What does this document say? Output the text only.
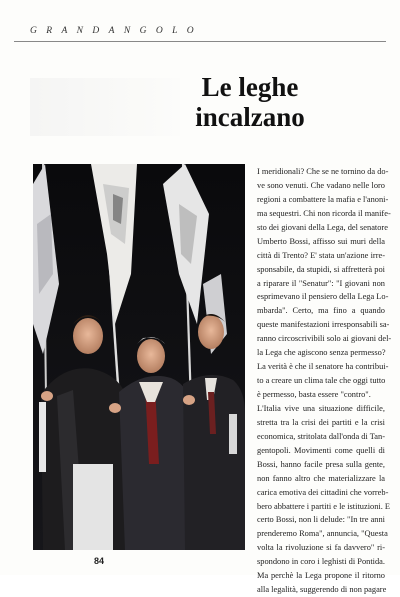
GRANDANGOLO
Le leghe
incalzano
84
I meridionali? Che se ne tornino da do-
ve sono venuti. Che vadano nelle loro
regioni a combattere la mafia e l'anoni-
ma sequestri. Chi non ricorda il manife-
sto dei giovani della Lega, del senatore
Umberto Bossi, affisso sui muri della
città di Trento? E' stata un'azione irre-
sponsabile, da stupidi, si affretterà poi
a riparare il "Senatur": "I giovani non
esprimevano il pensiero della Lega Lo-
mbarda". Certo, ma fino a quando
queste manifestazioni irresponsabili sa-
ranno circoscrivibili solo ai giovani del-
la Lega che agiscono senza permesso?
La verità è che il senatore ha contribui-
to a creare un clima tale che oggi tutto
è permesso, basta essere "contro".
L'Italia vive una situazione difficile,
stretta tra la crisi dei partiti e la crisi
economica, stritolata dall'onda di Tan-
gentopoli. Movimenti come quelli di
Bossi, hanno facile presa sulla gente,
non fanno altro che materializzare la
carica emotiva dei cittadini che vorreb-
bero abbattere i partiti e le istituzioni. E
certo Bossi, non li delude: "In tre anni
prenderemo Roma", annuncia, "Questa
volta la rivoluzione si fa davvero" ri-
spondono in coro i leghisti di Pontida.
Ma perchè la Lega propone il ritorno
alla legalità, suggerendo di non pagare
